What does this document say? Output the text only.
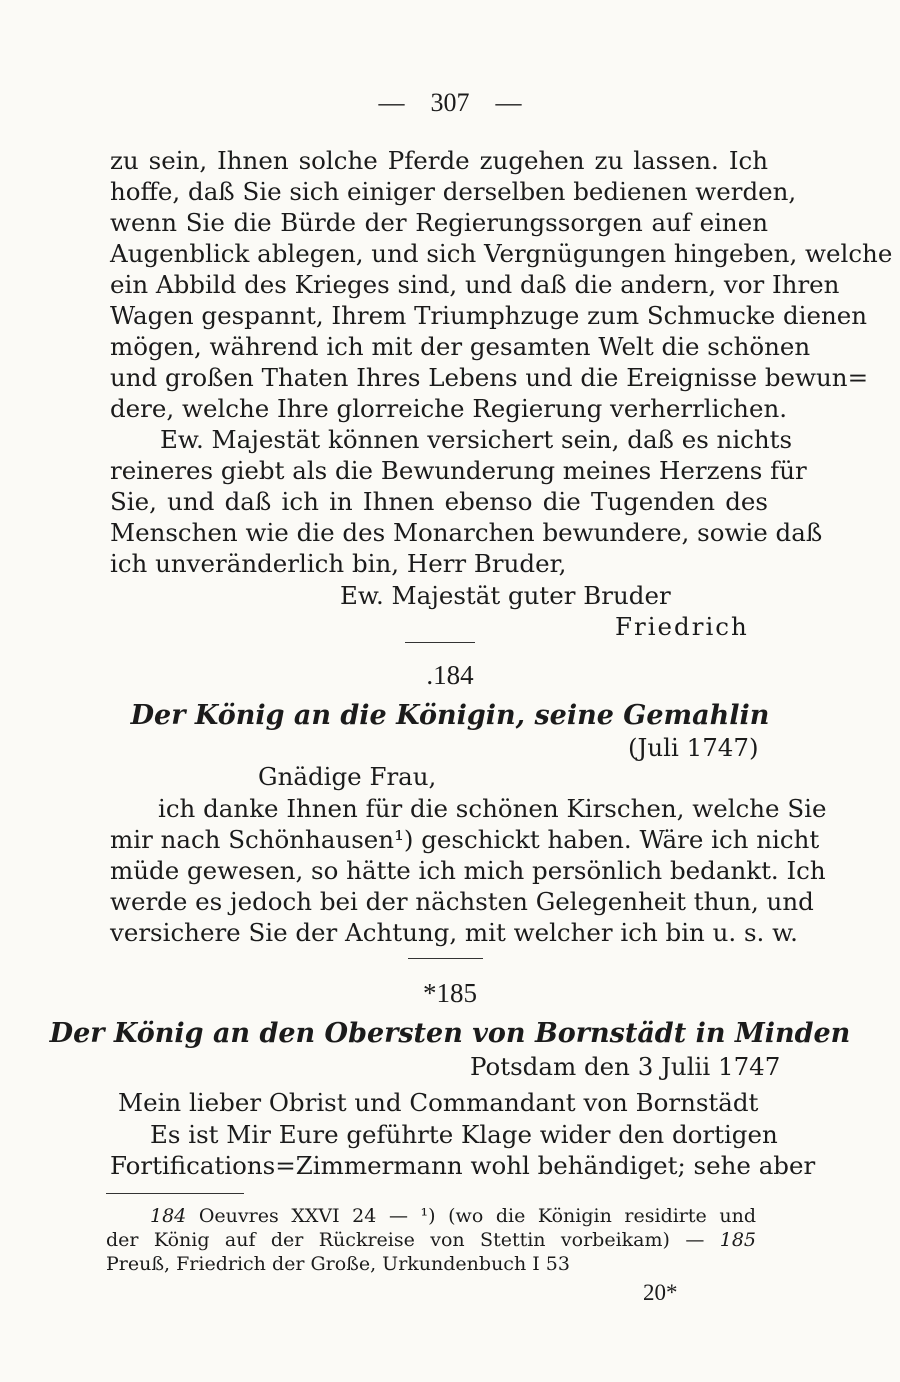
— 307 —
zu sein, Ihnen solche Pferde zugehen zu lassen. Ich
hoffe, daß Sie sich einiger derselben bedienen werden,
wenn Sie die Bürde der Regierungssorgen auf einen
Augenblick ablegen, und sich Vergnügungen hingeben, welche
ein Abbild des Krieges sind, und daß die andern, vor Ihren
Wagen gespannt, Ihrem Triumphzuge zum Schmucke dienen
mögen, während ich mit der gesamten Welt die schönen
und großen Thaten Ihres Lebens und die Ereignisse bewun=
dere, welche Ihre glorreiche Regierung verherrlichen.
Ew. Majestät können versichert sein, daß es nichts
reineres giebt als die Bewunderung meines Herzens für
Sie, und daß ich in Ihnen ebenso die Tugenden des
Menschen wie die des Monarchen bewundere, sowie daß
ich unveränderlich bin, Herr Bruder,
Ew. Majestät guter Bruder
Friedrich
.184
Der König an die Königin, seine Gemahlin
(Juli 1747)
Gnädige Frau,
ich danke Ihnen für die schönen Kirschen, welche Sie
mir nach Schönhausen¹) geschickt haben. Wäre ich nicht
müde gewesen, so hätte ich mich persönlich bedankt. Ich
werde es jedoch bei der nächsten Gelegenheit thun, und
versichere Sie der Achtung, mit welcher ich bin u. s. w.
*185
Der König an den Obersten von Bornstädt in Minden
Potsdam den 3 Julii 1747
Mein lieber Obrist und Commandant von Bornstädt
Es ist Mir Eure geführte Klage wider den dortigen
Fortifications=Zimmermann wohl behändiget; sehe aber
184 Oeuvres XXVI 24 — ¹) (wo die Königin residirte und
der König auf der Rückreise von Stettin vorbeikam) — 185
Preuß, Friedrich der Große, Urkundenbuch I 53
20*
